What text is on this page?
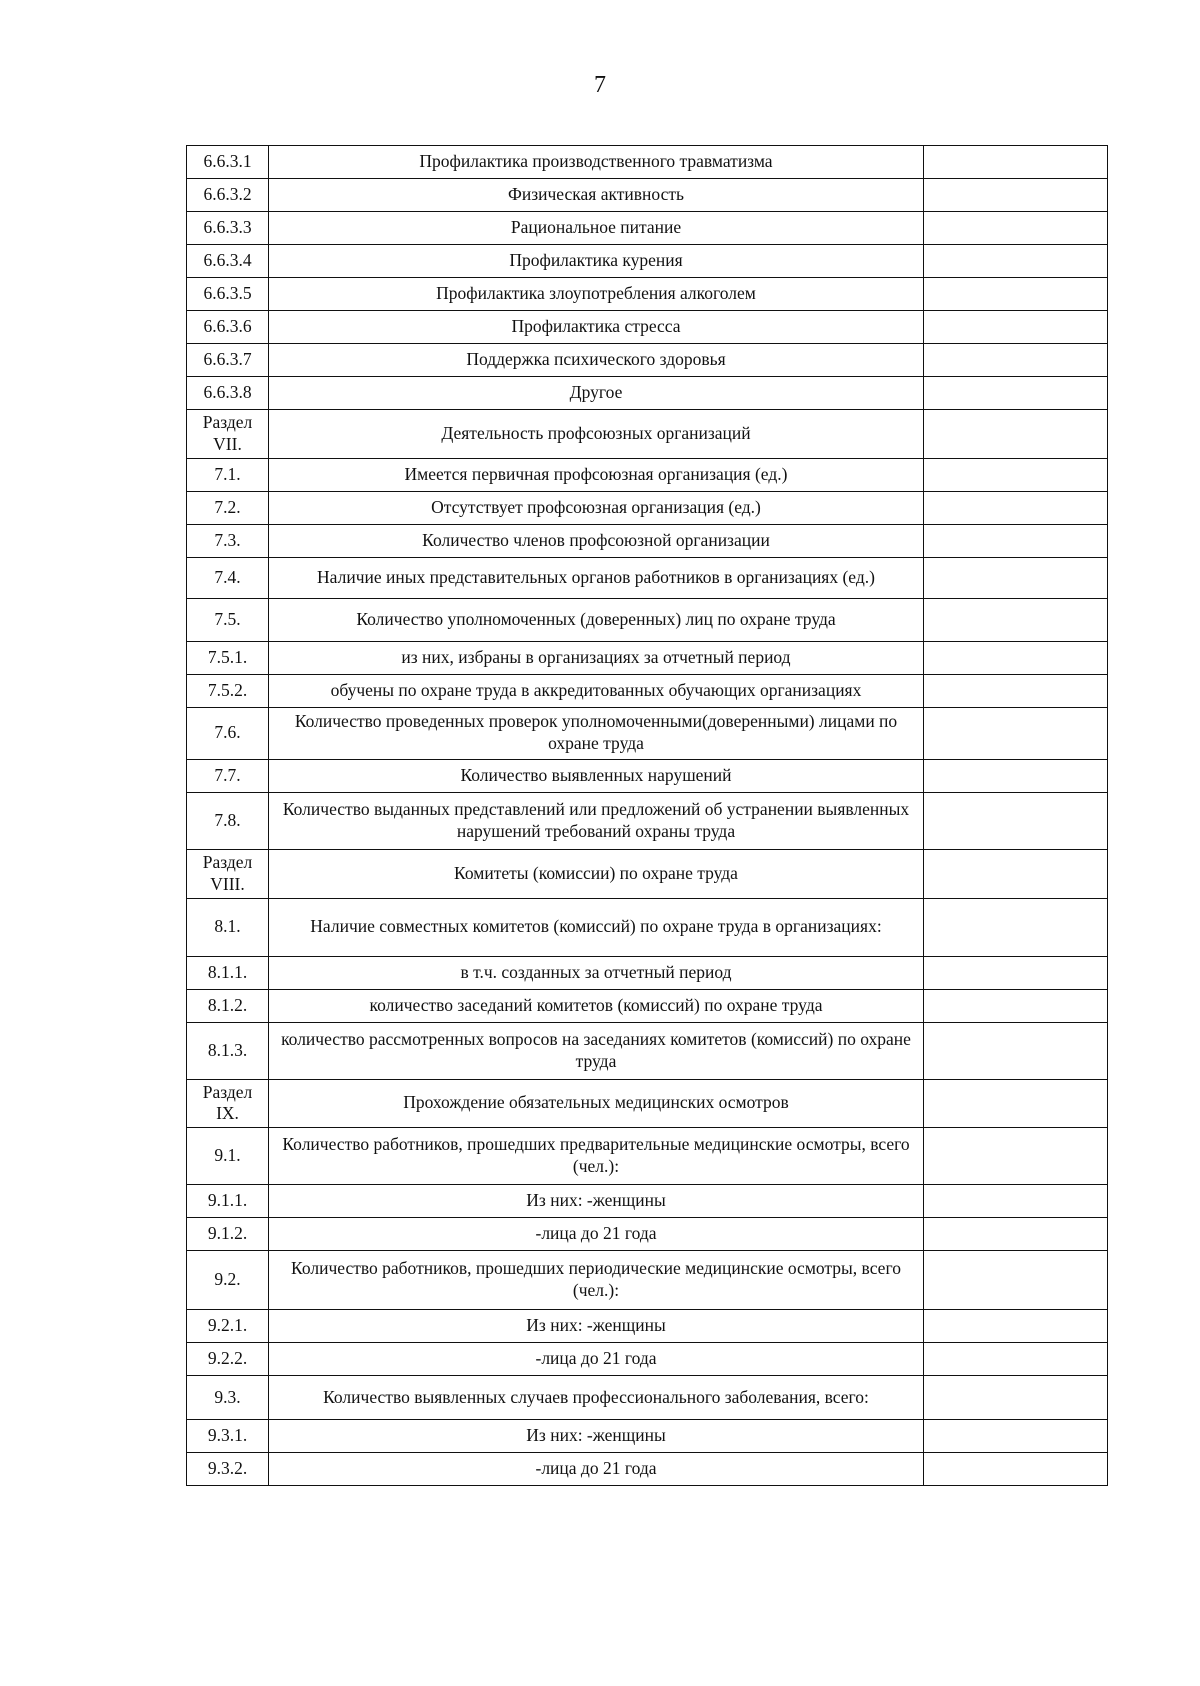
7
6.6.3.1	Профилактика производственного травматизма	
6.6.3.2	Физическая активность	
6.6.3.3	Рациональное питание	
6.6.3.4	Профилактика курения	
6.6.3.5	Профилактика злоупотребления алкоголем	
6.6.3.6	Профилактика стресса	
6.6.3.7	Поддержка психического здоровья	
6.6.3.8	Другое	
Раздел VII.	Деятельность профсоюзных организаций	
7.1.	Имеется первичная профсоюзная организация (ед.)	
7.2.	Отсутствует профсоюзная организация (ед.)	
7.3.	Количество членов профсоюзной организации	
7.4.	Наличие иных представительных органов работников в организациях (ед.)	
7.5.	Количество уполномоченных (доверенных) лиц по охране труда	
7.5.1.	из них, избраны в организациях за отчетный период	
7.5.2.	обучены по охране труда в аккредитованных обучающих организациях	
7.6.	Количество проведенных проверок уполномоченными(доверенными) лицами по охране труда	
7.7.	Количество выявленных нарушений	
7.8.	Количество выданных представлений или предложений об устранении выявленных нарушений требований охраны труда	
Раздел VIII.	Комитеты (комиссии) по охране труда	
8.1.	Наличие совместных комитетов (комиссий) по охране труда в организациях:	
8.1.1.	в т.ч. созданных за отчетный период	
8.1.2.	количество заседаний комитетов (комиссий) по охране труда	
8.1.3.	количество рассмотренных вопросов на заседаниях комитетов (комиссий) по охране труда	
Раздел IX.	Прохождение обязательных медицинских осмотров	
9.1.	Количество работников, прошедших предварительные медицинские осмотры, всего (чел.):	
9.1.1.	Из них: -женщины	
9.1.2.	-лица до 21 года	
9.2.	Количество работников, прошедших периодические медицинские осмотры, всего (чел.):	
9.2.1.	Из них: -женщины	
9.2.2.	-лица до 21 года	
9.3.	Количество выявленных случаев профессионального заболевания, всего:	
9.3.1.	Из них: -женщины	
9.3.2.	-лица до 21 года	
